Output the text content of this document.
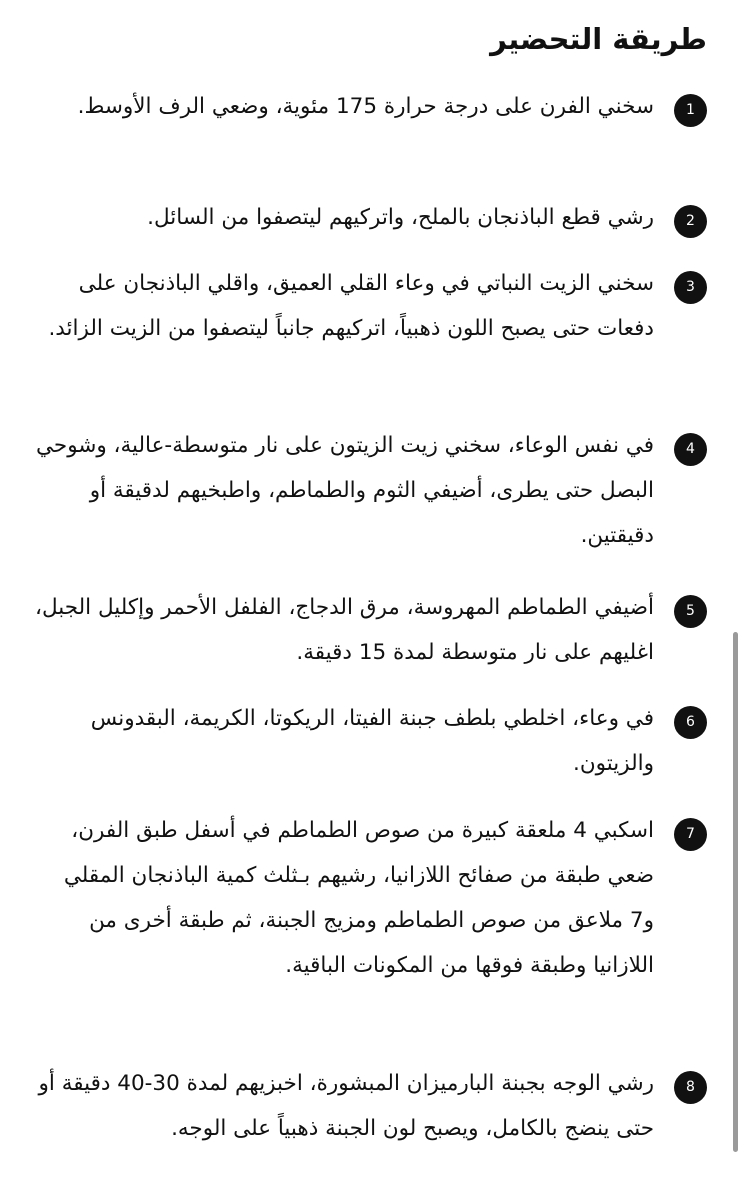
طريقة التحضير
1

سخني الفرن على درجة حرارة 175 مئوية، وضعي الرف الأوسط.

2

رشي قطع الباذنجان بالملح، واتركيهم ليتصفوا من السائل.

3

سخني الزيت النباتي في وعاء القلي العميق، واقلي الباذنجان على دفعات حتى يصبح اللون ذهبياً، اتركيهم جانباً ليتصفوا من الزيت الزائد.

4

في نفس الوعاء، سخني زيت الزيتون على نار متوسطة-عالية، وشوحي البصل حتى يطرى، أضيفي الثوم والطماطم، واطبخيهم لدقيقة أو دقيقتين.

5

أضيفي الطماطم المهروسة، مرق الدجاج، الفلفل الأحمر وإكليل الجبل، اغليهم على نار متوسطة لمدة 15 دقيقة.

6

في وعاء، اخلطي بلطف جبنة الفيتا، الريكوتا، الكريمة، البقدونس والزيتون.

7

اسكبي 4 ملعقة كبيرة من صوص الطماطم في أسفل طبق الفرن، ضعي طبقة من صفائح اللازانيا، رشيهم بـثلث كمية الباذنجان المقلي و7 ملاعق من صوص الطماطم ومزيج الجبنة، ثم طبقة أخرى من اللازانيا وطبقة فوقها من المكونات الباقية.

8

رشي الوجه بجبنة البارميزان المبشورة، اخبزيهم لمدة 30-40 دقيقة أو حتى ينضج بالكامل، ويصبح لون الجبنة ذهبياً على الوجه.
